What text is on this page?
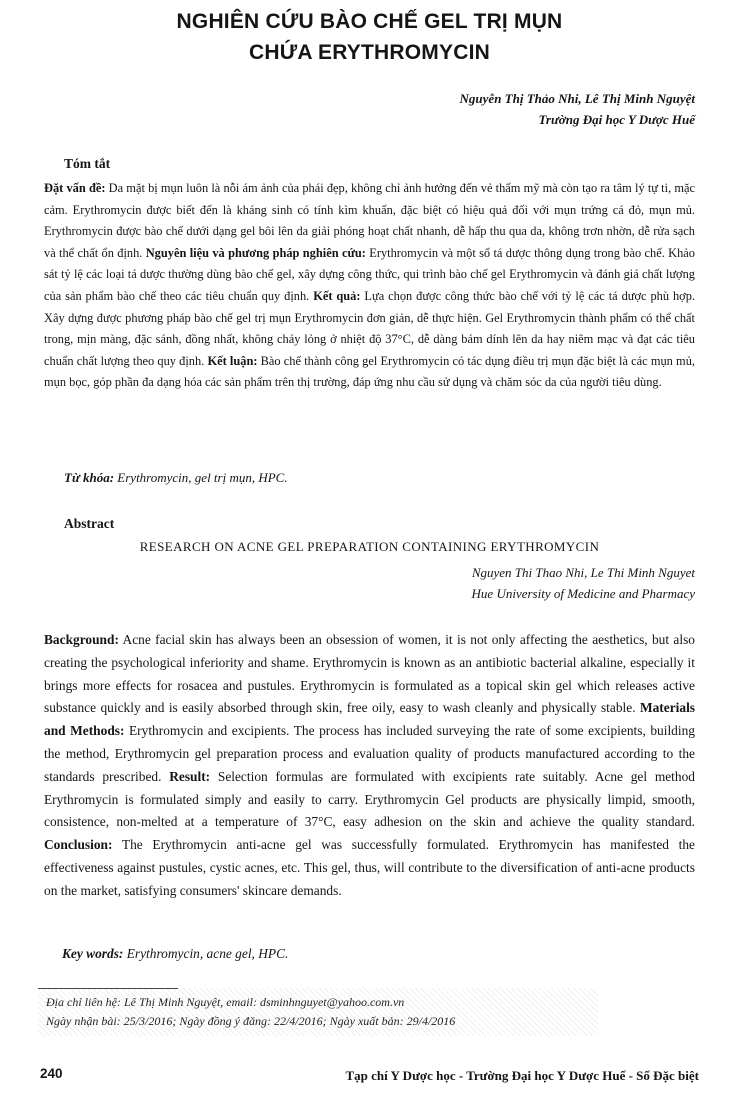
NGHIÊN CỨU BÀO CHẾ GEL TRỊ MỤN
CHỨA ERYTHROMYCIN
Nguyễn Thị Thảo Nhi, Lê Thị Minh Nguyệt
Trường Đại học Y Dược Huế
Tóm tắt
Đặt vấn đề: Da mặt bị mụn luôn là nỗi ám ảnh của phái đẹp, không chỉ ảnh hưởng đến vẻ thẩm mỹ mà còn tạo ra tâm lý tự ti, mặc cảm. Erythromycin được biết đến là kháng sinh có tính kìm khuẩn, đặc biệt có hiệu quả đối với mụn trứng cá đỏ, mụn mủ. Erythromycin được bào chế dưới dạng gel bôi lên da giải phóng hoạt chất nhanh, dễ hấp thu qua da, không trơn nhờn, dễ rửa sạch và thể chất ổn định. Nguyên liệu và phương pháp nghiên cứu: Erythromycin và một số tá dược thông dụng trong bào chế. Khảo sát tỷ lệ các loại tá dược thường dùng bào chế gel, xây dựng công thức, qui trình bào chế gel Erythromycin và đánh giá chất lượng của sản phẩm bào chế theo các tiêu chuẩn quy định. Kết quả: Lựa chọn được công thức bào chế với tỷ lệ các tá dược phù hợp. Xây dựng được phương pháp bào chế gel trị mụn Erythromycin đơn giản, dễ thực hiện. Gel Erythromycin thành phẩm có thể chất trong, mịn màng, đặc sánh, đồng nhất, không chảy lỏng ở nhiệt độ 37°C, dễ dàng bám dính lên da hay niêm mạc và đạt các tiêu chuẩn chất lượng theo quy định. Kết luận: Bào chế thành công gel Erythromycin có tác dụng điều trị mụn đặc biệt là các mụn mủ, mụn bọc, góp phần đa dạng hóa các sản phẩm trên thị trường, đáp ứng nhu cầu sử dụng và chăm sóc da của người tiêu dùng.
Từ khóa: Erythromycin, gel trị mụn, HPC.
Abstract
RESEARCH ON ACNE GEL PREPARATION CONTAINING ERYTHROMYCIN
Nguyen Thi Thao Nhi, Le Thi Minh Nguyet
Hue University of Medicine and Pharmacy
Background: Acne facial skin has always been an obsession of women, it is not only affecting the aesthetics, but also creating the psychological inferiority and shame. Erythromycin is known as an antibiotic bacterial alkaline, especially it brings more effects for rosacea and pustules. Erythromycin is formulated as a topical skin gel which releases active substance quickly and is easily absorbed through skin, free oily, easy to wash cleanly and physically stable. Materials and Methods: Erythromycin and excipients. The process has included surveying the rate of some excipients, building the method, Erythromycin gel preparation process and evaluation quality of products manufactured according to the standards prescribed. Result: Selection formulas are formulated with excipients rate suitably. Acne gel method Erythromycin is formulated simply and easily to carry. Erythromycin Gel products are physically limpid, smooth, consistence, non-melted at a temperature of 37°C, easy adhesion on the skin and achieve the quality standard. Conclusion: The Erythromycin anti-acne gel was successfully formulated. Erythromycin has manifested the effectiveness against pustules, cystic acnes, etc. This gel, thus, will contribute to the diversification of anti-acne products on the market, satisfying consumers' skincare demands.
Key words: Erythromycin, acne gel, HPC.
Địa chỉ liên hệ: Lê Thị Minh Nguyệt, email: dsminhnguyet@yahoo.com.vn
Ngày nhận bài: 25/3/2016; Ngày đồng ý đăng: 22/4/2016; Ngày xuất bản: 29/4/2016
240	Tạp chí Y Dược học - Trường Đại học Y Dược Huế - Số Đặc biệt
